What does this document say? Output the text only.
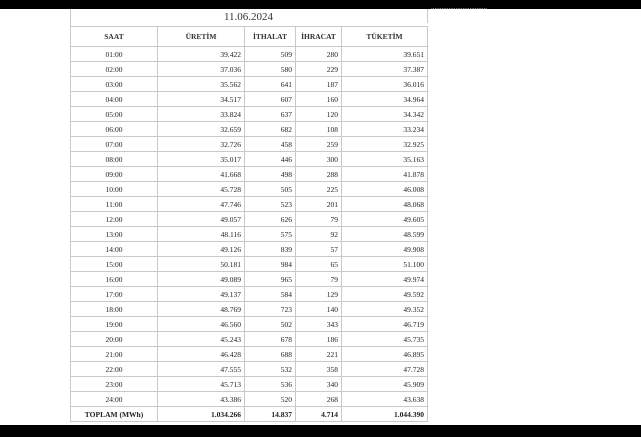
11.06.2024
................................
SAAT	ÜRETİM	İTHALAT	İHRACAT	TÜKETİM
01:00	39.422	509	280	39.651
02:00	37.036	580	229	37.387
03:00	35.562	641	187	36.016
04:00	34.517	607	160	34.964
05:00	33.824	637	120	34.342
06:00	32.659	682	108	33.234
07:00	32.726	458	259	32.925
08:00	35.017	446	300	35.163
09:00	41.668	498	288	41.878
10:00	45.728	505	225	46.008
11:00	47.746	523	201	48.068
12:00	49.057	626	79	49.605
13:00	48.116	575	92	48.599
14:00	49.126	839	57	49.908
15:00	50.181	984	65	51.100
16:00	49.089	965	79	49.974
17:00	49.137	584	129	49.592
18:00	48.769	723	140	49.352
19:00	46.560	502	343	46.719
20:00	45.243	678	186	45.735
21:00	46.428	688	221	46.895
22:00	47.555	532	358	47.728
23:00	45.713	536	340	45.909
24:00	43.386	520	268	43.638
TOPLAM (MWh)	1.034.266	14.837	4.714	1.044.390
